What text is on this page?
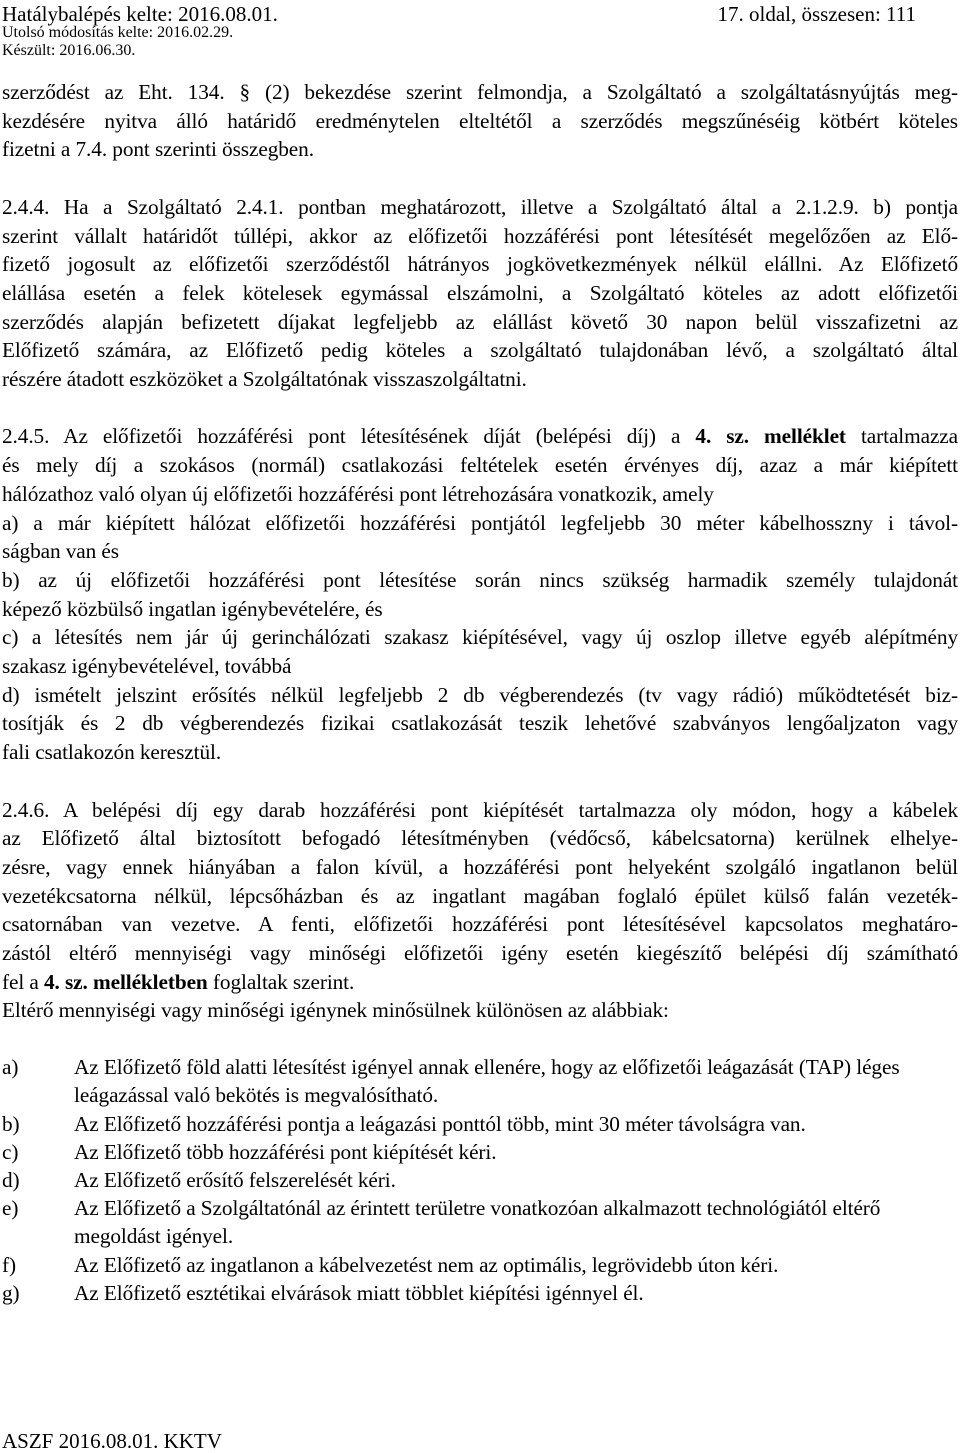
Hatálybalépés kelte: 2016.08.01.	17. oldal, összesen: 111
Utolsó módosítás kelte: 2016.02.29.
Készült: 2016.06.30.
szerződést az Eht. 134. § (2) bekezdése szerint felmondja, a Szolgáltató a szolgáltatásnyújtás meg-
kezdésére nyitva álló határidő eredménytelen elteltétől a szerződés megszűnéséig kötbért köteles
fizetni a 7.4. pont szerinti összegben.
2.4.4. Ha a Szolgáltató 2.4.1. pontban meghatározott, illetve a Szolgáltató által a 2.1.2.9. b) pontja
szerint vállalt határidőt túllépi, akkor az előfizetői hozzáférési pont létesítését megelőzően az Elő-
fizető jogosult az előfizetői szerződéstől hátrányos jogkövetkezmények nélkül elállni. Az Előfizető
elállása esetén a felek kötelesek egymással elszámolni, a Szolgáltató köteles az adott előfizetői
szerződés alapján befizetett díjakat legfeljebb az elállást követő 30 napon belül visszafizetni az
Előfizető számára, az Előfizető pedig köteles a szolgáltató tulajdonában lévő, a szolgáltató által
részére átadott eszközöket a Szolgáltatónak visszaszolgáltatni.
2.4.5. Az előfizetői hozzáférési pont létesítésének díját (belépési díj) a 4. sz. melléklet tartalmazza
és mely díj a szokásos (normál) csatlakozási feltételek esetén érvényes díj, azaz a már kiépített
hálózathoz való olyan új előfizetői hozzáférési pont létrehozására vonatkozik, amely
a) a már kiépített hálózat előfizetői hozzáférési pontjától legfeljebb 30 méter kábelhosszny i távol-
ságban van és
b) az új előfizetői hozzáférési pont létesítése során nincs szükség harmadik személy tulajdonát
képező közbülső ingatlan igénybevételére, és
c) a létesítés nem jár új gerinchálózati szakasz kiépítésével, vagy új oszlop illetve egyéb alépítmény
szakasz igénybevételével, továbbá
d) ismételt jelszint erősítés nélkül legfeljebb 2 db végberendezés (tv vagy rádió) működtetését biz-
tosítják és 2 db végberendezés fizikai csatlakozását teszik lehetővé szabványos lengőaljzaton vagy
fali csatlakozón keresztül.
2.4.6. A belépési díj egy darab hozzáférési pont kiépítését tartalmazza oly módon, hogy a kábelek
az Előfizető által biztosított befogadó létesítményben (védőcső, kábelcsatorna) kerülnek elhelye-
zésre, vagy ennek hiányában a falon kívül, a hozzáférési pont helyeként szolgáló ingatlanon belül
vezetékcsatorna nélkül, lépcsőházban és az ingatlant magában foglaló épület külső falán vezeték-
csatornában van vezetve. A fenti, előfizetői hozzáférési pont létesítésével kapcsolatos meghatáro-
zástól eltérő mennyiségi vagy minőségi előfizetői igény esetén kiegészítő belépési díj számítható
fel a 4. sz. mellékletben foglaltak szerint.
Eltérő mennyiségi vagy minőségi igénynek minősülnek különösen az alábbiak:
a)	Az Előfizető föld alatti létesítést igényel annak ellenére, hogy az előfizetői leágazását (TAP) léges leágazással való bekötés is megvalósítható.
b)	Az Előfizető hozzáférési pontja a leágazási ponttól több, mint 30 méter távolságra van.
c)	Az Előfizető több hozzáférési pont kiépítését kéri.
d)	Az Előfizető erősítő felszerelését kéri.
e)	Az Előfizető a Szolgáltatónál az érintett területre vonatkozóan alkalmazott technológiától eltérő megoldást igényel.
f)	Az Előfizető az ingatlanon a kábelvezetést nem az optimális, legrövidebb úton kéri.
g)	Az Előfizető esztétikai elvárások miatt többlet kiépítési igénnyel él.
ASZF 2016.08.01. KKTV
